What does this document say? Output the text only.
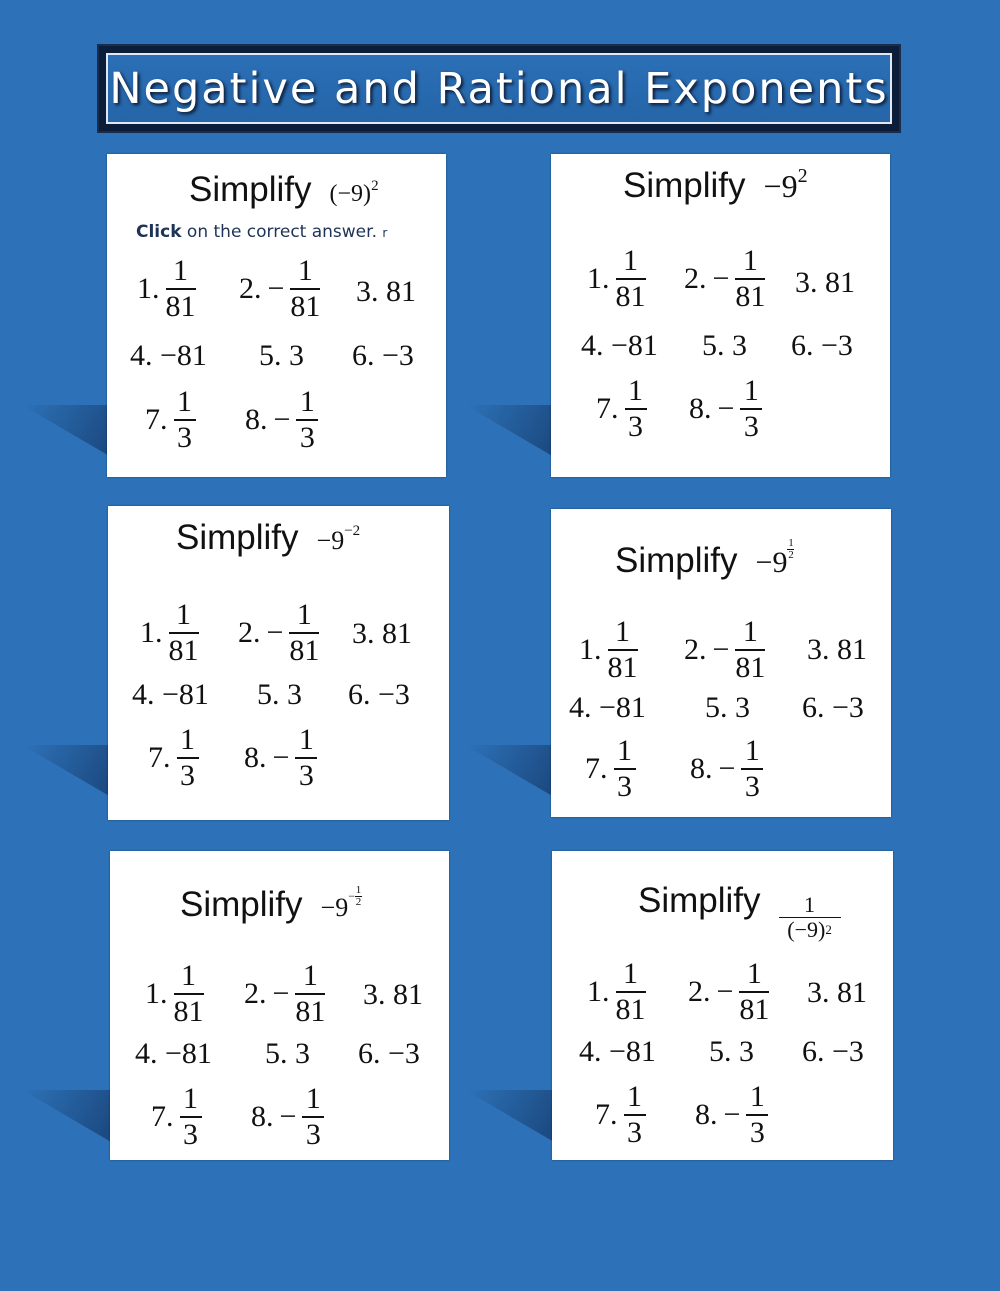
Negative and Rational Exponents
Simplify (−9) 2
Click on the correct answer. r
1. $\frac{1}{81} 2$. − $\frac{1}{81} 3$. 81
4. −81 5. 3 6. −3
7. $\frac{1}{3} 8$. − $\frac{1}{3}$
Simplify −9 2
1. $\frac{1}{81} 2$. − $\frac{1}{81} 3$. 81
4. −81 5. 3 6. −3
7. $\frac{1}{3} 8$. − $\frac{1}{3}$
Simplify −9 −2
1. $\frac{1}{81} 2$. − $\frac{1}{81} 3$. 81
4. −81 5. 3 6. −3
7. $\frac{1}{3} 8$. − $\frac{1}{3}$
Simplify −9
1
2
1. $\frac{1}{81} 2$. − $\frac{1}{81} 3$. 81
4. −81 5. 3 6. −3
7. $\frac{1}{3} 8$. − $\frac{1}{3}$
Simplify −9 − 1
2
1. $\frac{1}{81} 2$. − $\frac{1}{81} 3$. 81
4. −81 5. 3 6. −3
7. $\frac{1}{3} 8$. − $\frac{1}{3}$
Simplify 1
$(-9)^2$
1. $\frac{1}{81} 2$. − $\frac{1}{81} 3$. 81
4. −81 5. 3 6. −3
7. $\frac{1}{3} 8$. − $\frac{1}{3}$
